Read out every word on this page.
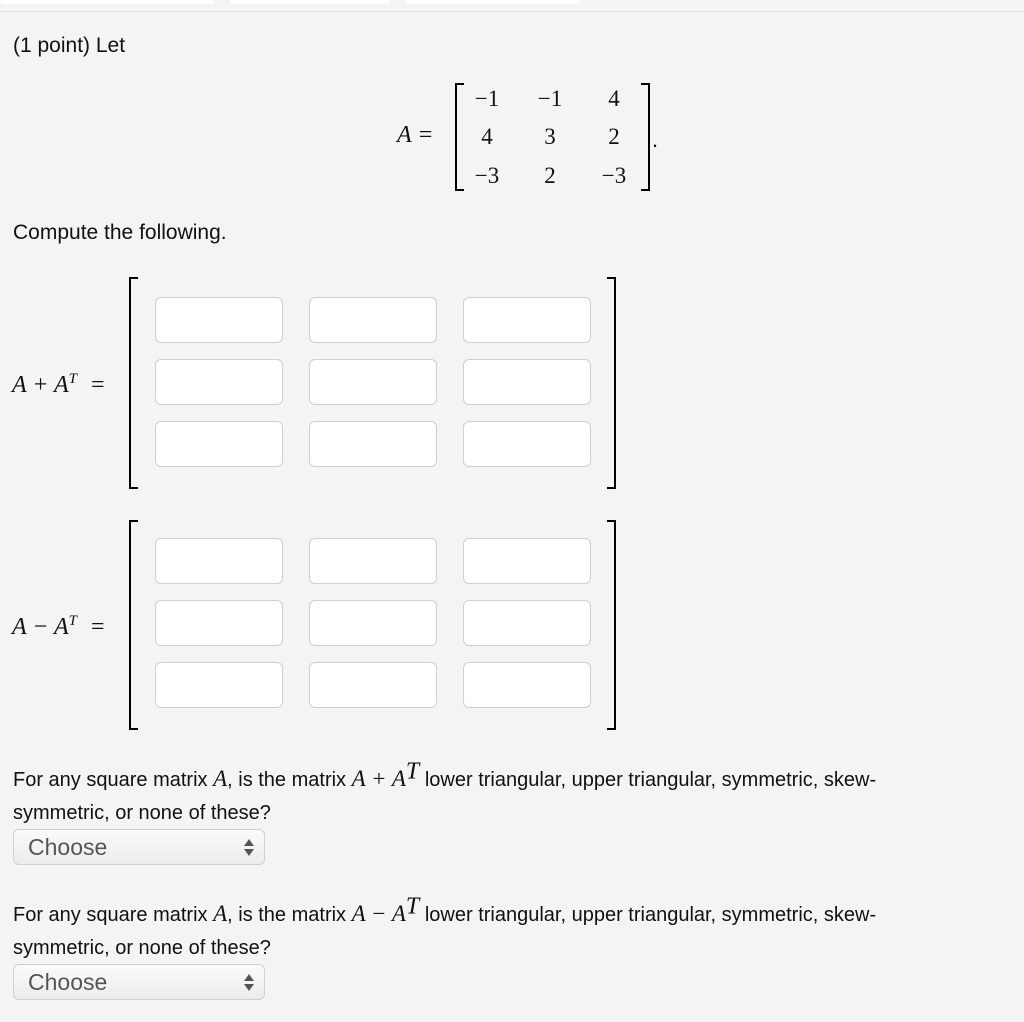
(1 point) Let
A =
−1	−1	4
4	3	2
−3	2	−3
.
Compute the following.
$A + A^T$ =
$A - A^T$ =
For any square matrix A, is the matrix $A + A^T$ lower triangular, upper triangular, symmetric, skew-
symmetric, or none of these?
Choose
For any square matrix A, is the matrix $A - A^T$ lower triangular, upper triangular, symmetric, skew-
symmetric, or none of these?
Choose
